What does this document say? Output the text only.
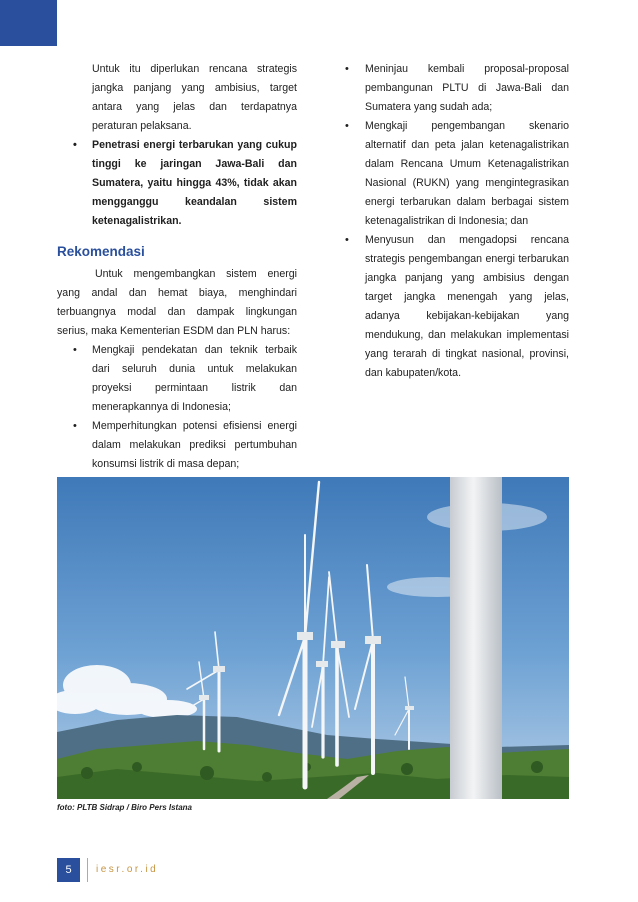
Untuk itu diperlukan rencana strategis jangka panjang yang ambisius, target antara yang jelas dan terdapatnya peraturan pelaksana.

•	Penetrasi energi terbarukan yang cukup tinggi ke jaringan Jawa-Bali dan Sumatera, yaitu hingga 43%, tidak akan mengganggu keandalan sistem ketenagalistrikan.

Rekomendasi

Untuk mengembangkan sistem energi yang andal dan hemat biaya, menghindari terbuangnya modal dan dampak lingkungan serius, maka Kementerian ESDM dan PLN harus:

•	Mengkaji pendekatan dan teknik terbaik dari seluruh dunia untuk melakukan proyeksi permintaan listrik dan menerapkannya di Indonesia;

•	Memperhitungkan potensi efisiensi energi dalam melakukan prediksi pertumbuhan konsumsi listrik di masa depan;

•	Meninjau kembali proposal-proposal pembangunan PLTU di Jawa-Bali dan Sumatera yang sudah ada;

•	Mengkaji pengembangan skenario alternatif dan peta jalan ketenagalistrikan dalam Rencana Umum Ketenagalistrikan Nasional (RUKN) yang mengintegrasikan energi terbarukan dalam berbagai sistem ketenagalistrikan di Indonesia; dan

•	Menyusun dan mengadopsi rencana strategis pengembangan energi terbarukan jangka panjang yang ambisius dengan target jangka menengah yang jelas, adanya kebijakan-kebijakan yang mendukung, dan melakukan implementasi yang terarah di tingkat nasional, provinsi, dan kabupaten/kota.

foto: PLTB Sidrap / Biro Pers Istana
5	iesr.or.id
